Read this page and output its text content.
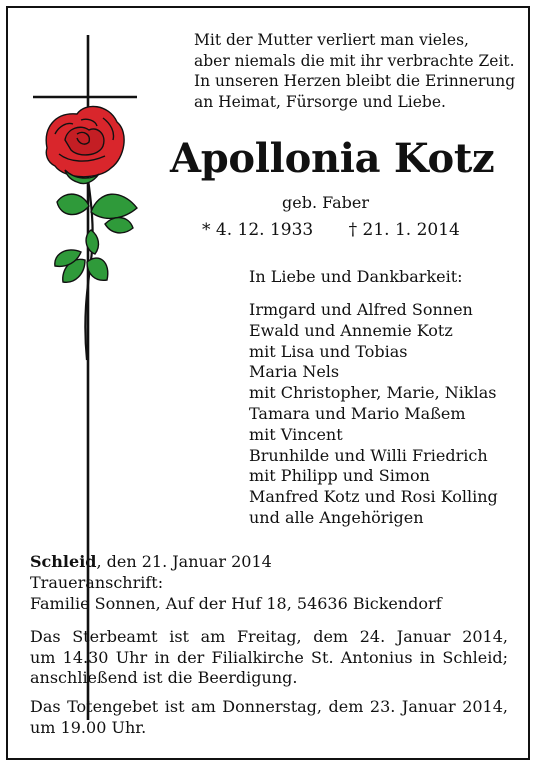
Mit der Mutter verliert man vieles,
aber niemals die mit ihr verbrachte Zeit.
In unseren Herzen bleibt die Erinnerung
an Heimat, Fürsorge und Liebe.
Apollonia Kotz
geb. Faber
* 4. 12. 1933 † 21. 1. 2014
In Liebe und Dankbarkeit:
Irmgard und Alfred Sonnen
Ewald und Annemie Kotz
mit Lisa und Tobias
Maria Nels
mit Christopher, Marie, Niklas
Tamara und Mario Maßem
mit Vincent
Brunhilde und Willi Friedrich
mit Philipp und Simon
Manfred Kotz und Rosi Kolling
und alle Angehörigen
Schleid, den 21. Januar 2014
Traueranschrift:
Familie Sonnen, Auf der Huf 18, 54636 Bickendorf
Das Sterbeamt ist am Freitag, dem 24. Januar 2014,
um 14.30 Uhr in der Filialkirche St. Antonius in Schleid;
anschließend ist die Beerdigung.
Das Totengebet ist am Donnerstag, dem 23. Januar 2014,
um 19.00 Uhr.
